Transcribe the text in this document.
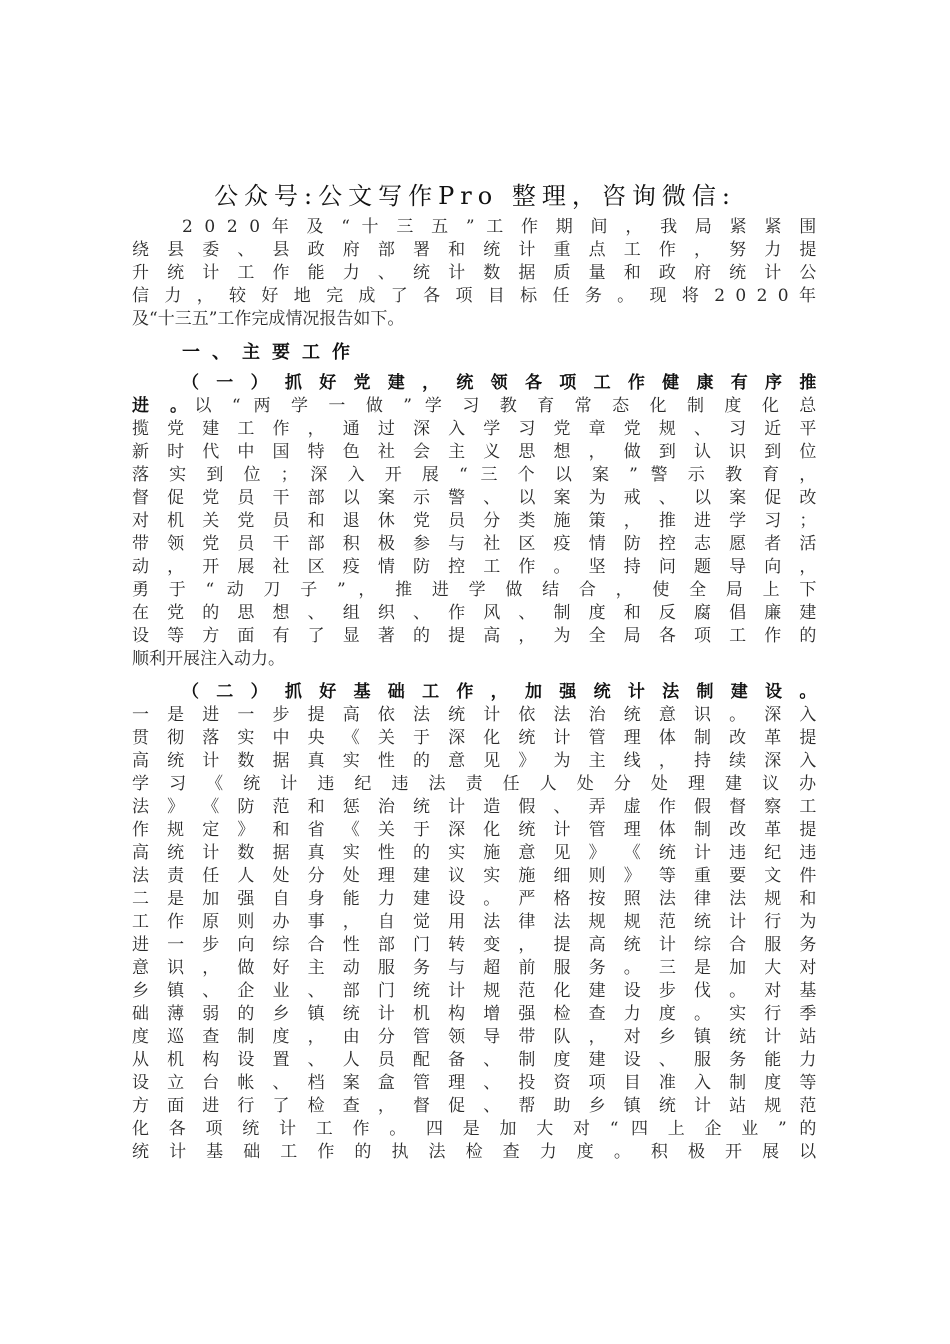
公众号:公文写作Pro 整理，咨询微信:
2 0 2 0 年 及 “ 十 三 五 ” 工 作 期 间 ， 我 局 紧 紧 围
绕 县 委 、 县 政 府 部 署 和 统 计 重 点 工 作 ， 努 力 提
升 统 计 工 作 能 力 、 统 计 数 据 质 量 和 政 府 统 计 公
信 力 ， 较 好 地 完 成 了 各 项 目 标 任 务 。 现 将 2 0 2 0 年
及“十三五”工作完成情况报告如下。
一、主要工作
（ 一 ） 抓 好 党 建 ， 统 领 各 项 工 作 健 康 有 序 推
进 。以 “ 两 学 一 做 ” 学 习 教 育 常 态 化 制 度 化 总
揽 党 建 工 作 ， 通 过 深 入 学 习 党 章 党 规 、 习 近 平
新 时 代 中 国 特 色 社 会 主 义 思 想 ， 做 到 认 识 到 位
落 实 到 位 ； 深 入 开 展 “ 三 个 以 案 ” 警 示 教 育 ，
督 促 党 员 干 部 以 案 示 警 、 以 案 为 戒 、 以 案 促 改
对 机 关 党 员 和 退 休 党 员 分 类 施 策 ， 推 进 学 习 ；
带 领 党 员 干 部 积 极 参 与 社 区 疫 情 防 控 志 愿 者 活
动 ， 开 展 社 区 疫 情 防 控 工 作 。 坚 持 问 题 导 向 ，
勇 于 “ 动 刀 子 ” ， 推 进 学 做 结 合 ， 使 全 局 上 下
在 党 的 思 想 、 组 织 、 作 风 、 制 度 和 反 腐 倡 廉 建
设 等 方 面 有 了 显 著 的 提 高 ， 为 全 局 各 项 工 作 的
顺利开展注入动力。
（ 二 ） 抓 好 基 础 工 作 ， 加 强 统 计 法 制 建 设 。
一 是 进 一 步 提 高 依 法 统 计 依 法 治 统 意 识 。 深 入
贯 彻 落 实 中 央 《 关 于 深 化 统 计 管 理 体 制 改 革 提
高 统 计 数 据 真 实 性 的 意 见 》 为 主 线 ， 持 续 深 入
学 习 《 统 计 违 纪 违 法 责 任 人 处 分 处 理 建 议 办
法 》 《 防 范 和 惩 治 统 计 造 假 、 弄 虚 作 假 督 察 工
作 规 定 》 和 省 《 关 于 深 化 统 计 管 理 体 制 改 革 提
高 统 计 数 据 真 实 性 的 实 施 意 见 》 《 统 计 违 纪 违
法 责 任 人 处 分 处 理 建 议 实 施 细 则 》 等 重 要 文 件
二 是 加 强 自 身 能 力 建 设 。 严 格 按 照 法 律 法 规 和
工 作 原 则 办 事 ， 自 觉 用 法 律 法 规 规 范 统 计 行 为
进 一 步 向 综 合 性 部 门 转 变 ， 提 高 统 计 综 合 服 务
意 识 ， 做 好 主 动 服 务 与 超 前 服 务 。 三 是 加 大 对
乡 镇 、 企 业 、 部 门 统 计 规 范 化 建 设 步 伐 。 对 基
础 薄 弱 的 乡 镇 统 计 机 构 增 强 检 查 力 度 。 实 行 季
度 巡 查 制 度 ， 由 分 管 领 导 带 队 ， 对 乡 镇 统 计 站
从 机 构 设 置 、 人 员 配 备 、 制 度 建 设 、 服 务 能 力
设 立 台 帐 、 档 案 盒 管 理 、 投 资 项 目 准 入 制 度 等
方 面 进 行 了 检 查 ， 督 促 、 帮 助 乡 镇 统 计 站 规 范
化 各 项 统 计 工 作 。 四 是 加 大 对 “ 四 上 企 业 ” 的
统 计 基 础 工 作 的 执 法 检 查 力 度 。 积 极 开 展 以
